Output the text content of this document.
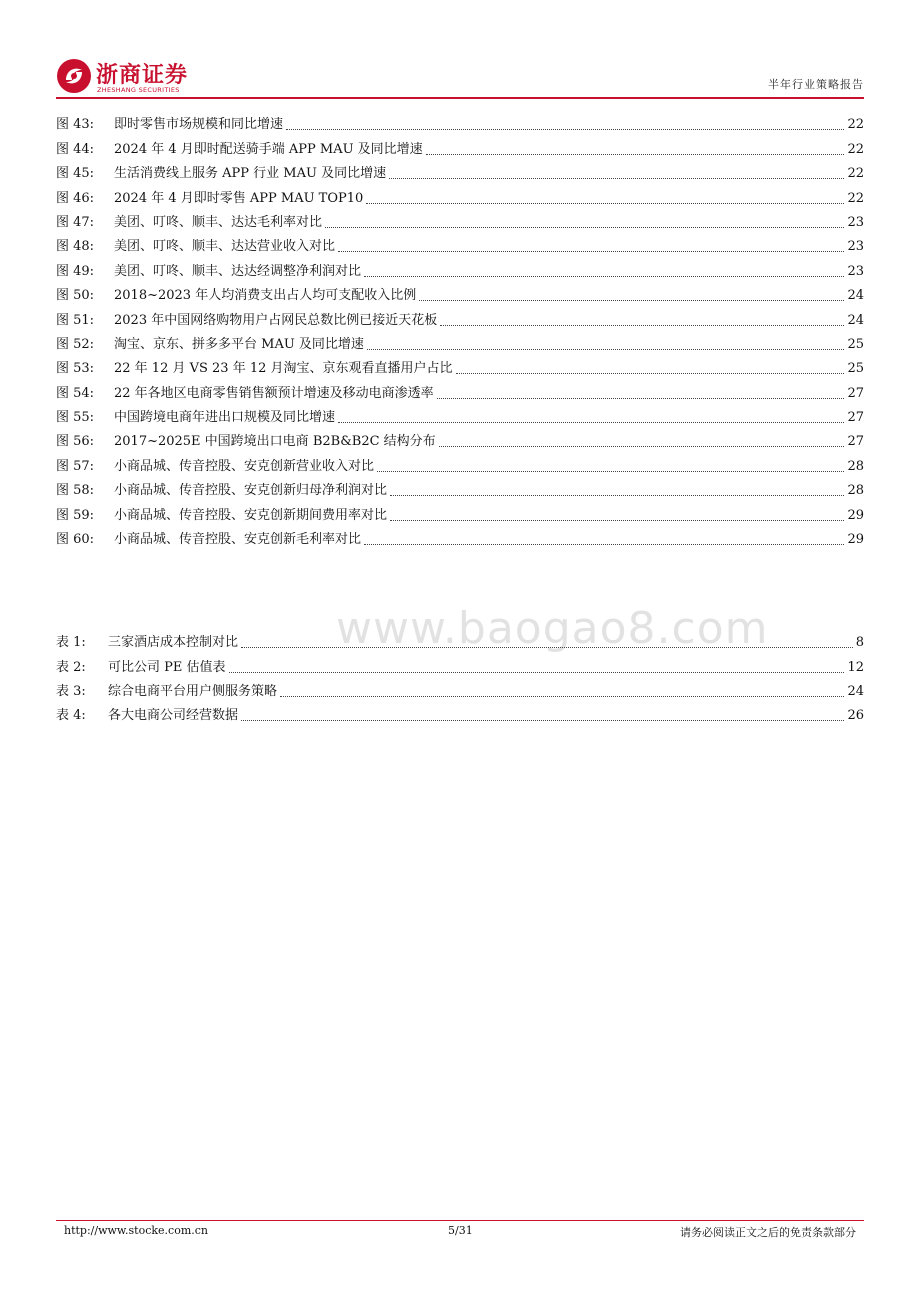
浙商证券
ZHESHANG SECURITIES	半年行业策略报告
图 43:	即时零售市场规模和同比增速	22
图 44:	2024 年 4 月即时配送骑手端 APP MAU 及同比增速	22
图 45:	生活消费线上服务 APP 行业 MAU 及同比增速	22
图 46:	2024 年 4 月即时零售 APP MAU TOP10	22
图 47:	美团、叮咚、顺丰、达达毛利率对比	23
图 48:	美团、叮咚、顺丰、达达营业收入对比	23
图 49:	美团、叮咚、顺丰、达达经调整净利润对比	23
图 50:	2018~2023 年人均消费支出占人均可支配收入比例	24
图 51:	2023 年中国网络购物用户占网民总数比例已接近天花板	24
图 52:	淘宝、京东、拼多多平台 MAU 及同比增速	25
图 53:	22 年 12 月 VS 23 年 12 月淘宝、京东观看直播用户占比	25
图 54:	22 年各地区电商零售销售额预计增速及移动电商渗透率	27
图 55:	中国跨境电商年进出口规模及同比增速	27
图 56:	2017~2025E 中国跨境出口电商 B2B&B2C 结构分布	27
图 57:	小商品城、传音控股、安克创新营业收入对比	28
图 58:	小商品城、传音控股、安克创新归母净利润对比	28
图 59:	小商品城、传音控股、安克创新期间费用率对比	29
图 60:	小商品城、传音控股、安克创新毛利率对比	29
www.baogao8.com
表 1:	三家酒店成本控制对比	8
表 2:	可比公司 PE 估值表	12
表 3:	综合电商平台用户侧服务策略	24
表 4:	各大电商公司经营数据	26
http://www.stocke.com.cn	5/31	请务必阅读正文之后的免责条款部分
